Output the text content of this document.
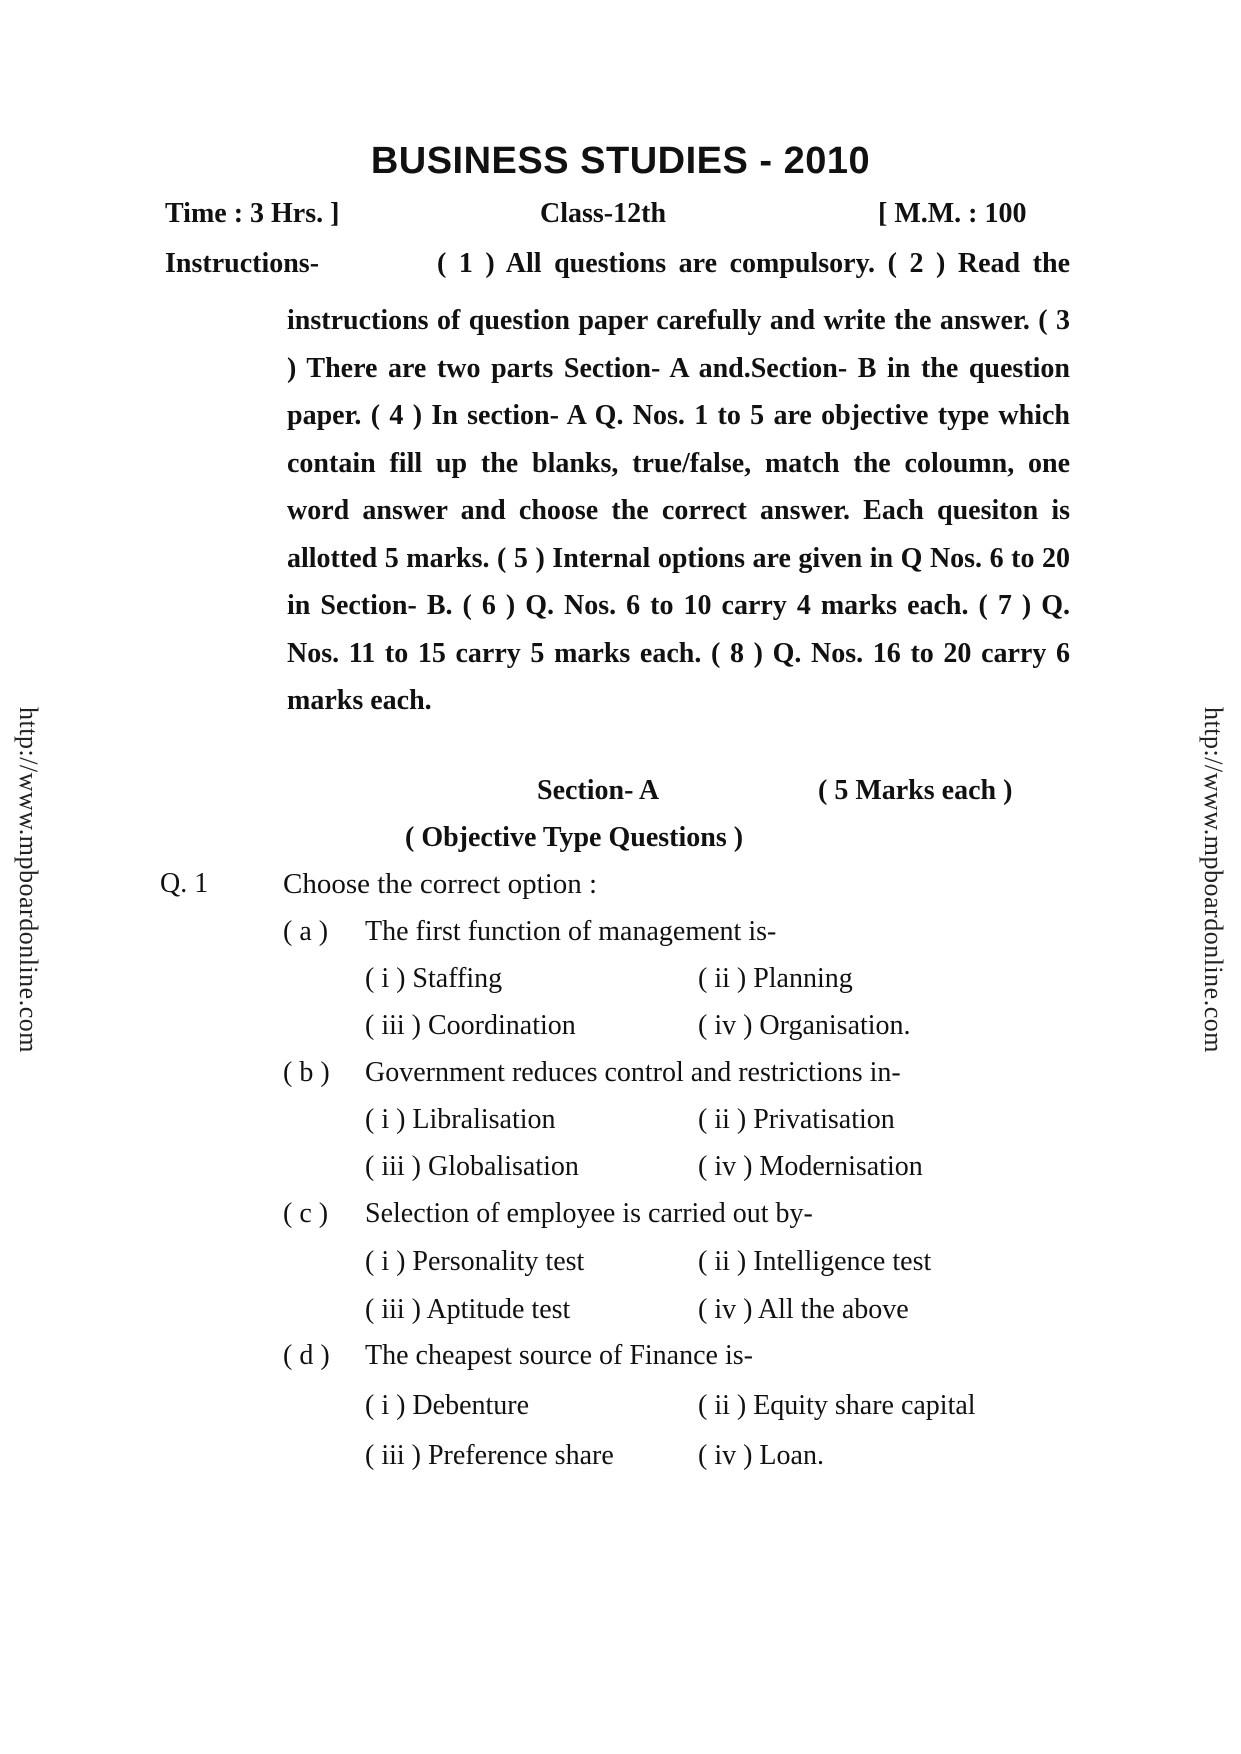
http://www.mpboardonline.com	http://www.mpboardonline.com
BUSINESS STUDIES - 2010
Time : 3 Hrs. ]	Class-12th	[ M.M. : 100
Instructions-	( 1 ) All questions are compulsory. ( 2 ) Read the

instructions of question paper carefully and write the answer. ( 3 ) There are two parts Section- A and.Section- B in the question paper. ( 4 ) In section- A Q. Nos. 1 to 5 are objective type which contain fill up the blanks, true/false, match the coloumn, one word answer and choose the correct answer. Each quesiton is allotted 5 marks. ( 5 ) Internal options are given in Q Nos. 6 to 20 in Section- B. ( 6 ) Q. Nos. 6 to 10 carry 4 marks each. ( 7 ) Q. Nos. 11 to 15 carry 5 marks each. ( 8 ) Q. Nos. 16 to 20 carry 6 marks each.

Section- A	( 5 Marks each )
( Objective Type Questions )
Q. 1	Choose the correct option :
( a ) The first function of management is-
( i ) Staffing	( ii ) Planning
( iii ) Coordination	( iv ) Organisation.
( b ) Government reduces control and restrictions in-
( i ) Libralisation	( ii ) Privatisation
( iii ) Globalisation	( iv ) Modernisation
( c ) Selection of employee is carried out by-
( i ) Personality test	( ii ) Intelligence test
( iii ) Aptitude test	( iv ) All the above
( d ) The cheapest source of Finance is-
( i ) Debenture	( ii ) Equity share capital
( iii ) Preference share	( iv ) Loan.
